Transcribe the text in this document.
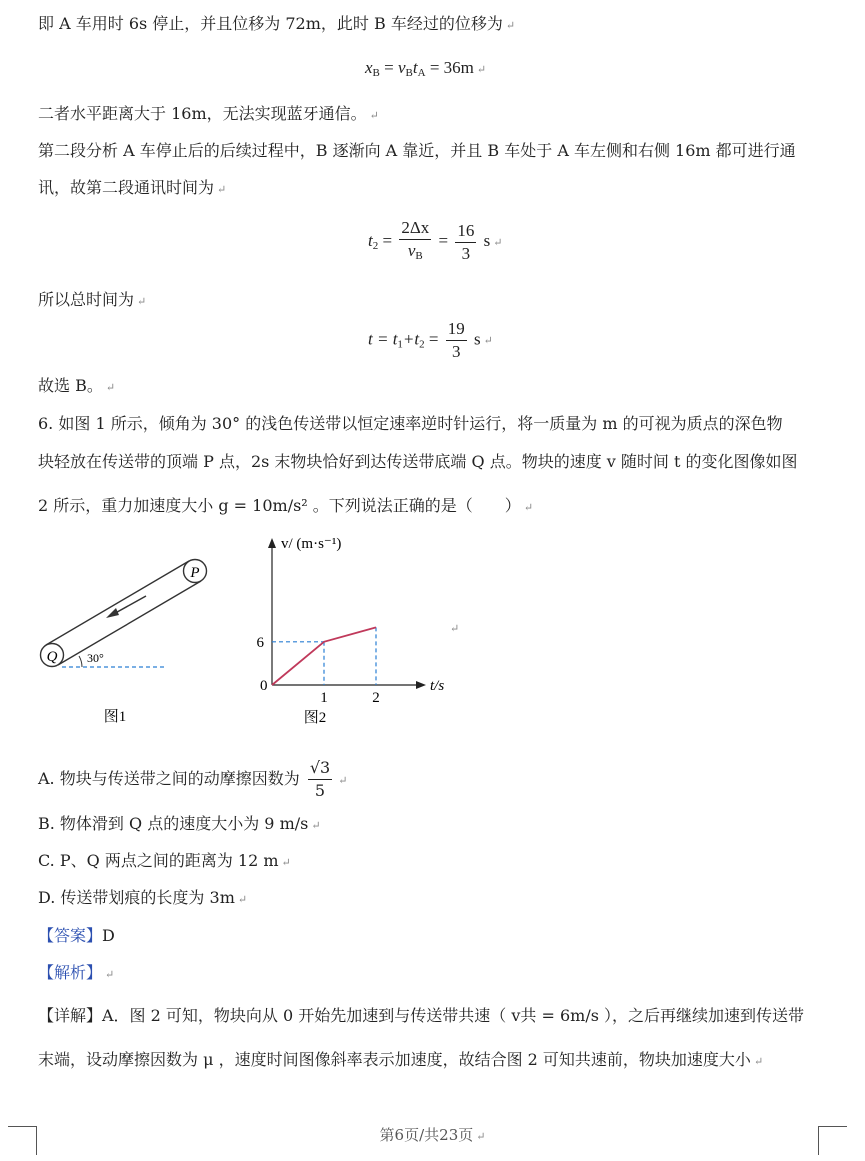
即 A 车用时 6s 停止，并且位移为 72m，此时 B 车经过的位移为 ↵
$x_B = v_Bt_A = 36m$ ↵
二者水平距离大于 16m，无法实现蓝牙通信。 ↵
第二段分析 A 车停止后的后续过程中，B 逐渐向 A 靠近，并且 B 车处于 A 车左侧和右侧 16m 都可进行通
讯，故第二段通讯时间为 ↵
$t_2 = \frac{2\Delta x}{v_B} = \frac{16}{3}$ s ↵
所以总时间为 ↵
$t = t_1+t_2 = \frac{19}{3}$ s ↵
故选 B。 ↵
6. 如图 1 所示，倾角为 30° 的浅色传送带以恒定速率逆时针运行，将一质量为 m 的可视为质点的深色物
块轻放在传送带的顶端 P 点，2s 末物块恰好到达传送带底端 Q 点。物块的速度 v 随时间 t 的变化图像如图
2 所示，重力加速度大小 g = 10m/s² 。下列说法正确的是（　　） ↵
P
Q 30°
图1
1	2
6
v/ (m·s⁻¹)
t/s
0
图2
↵
A. 物块与传送带之间的动摩擦因数为 $\frac{√3}{5}$ ↵
B. 物体滑到 Q 点的速度大小为 9 m/s ↵
C. P、Q 两点之间的距离为 12 m ↵
D. 传送带划痕的长度为 3m ↵
【答案】D
【解析】 ↵
【详解】A．图 2 可知，物块向从 0 开始先加速到与传送带共速（ v共 = 6m/s ），之后再继续加速到传送带
末端，设动摩擦因数为 μ ，速度时间图像斜率表示加速度，故结合图 2 可知共速前，物块加速度大小 ↵
第6页/共23页 ↵
